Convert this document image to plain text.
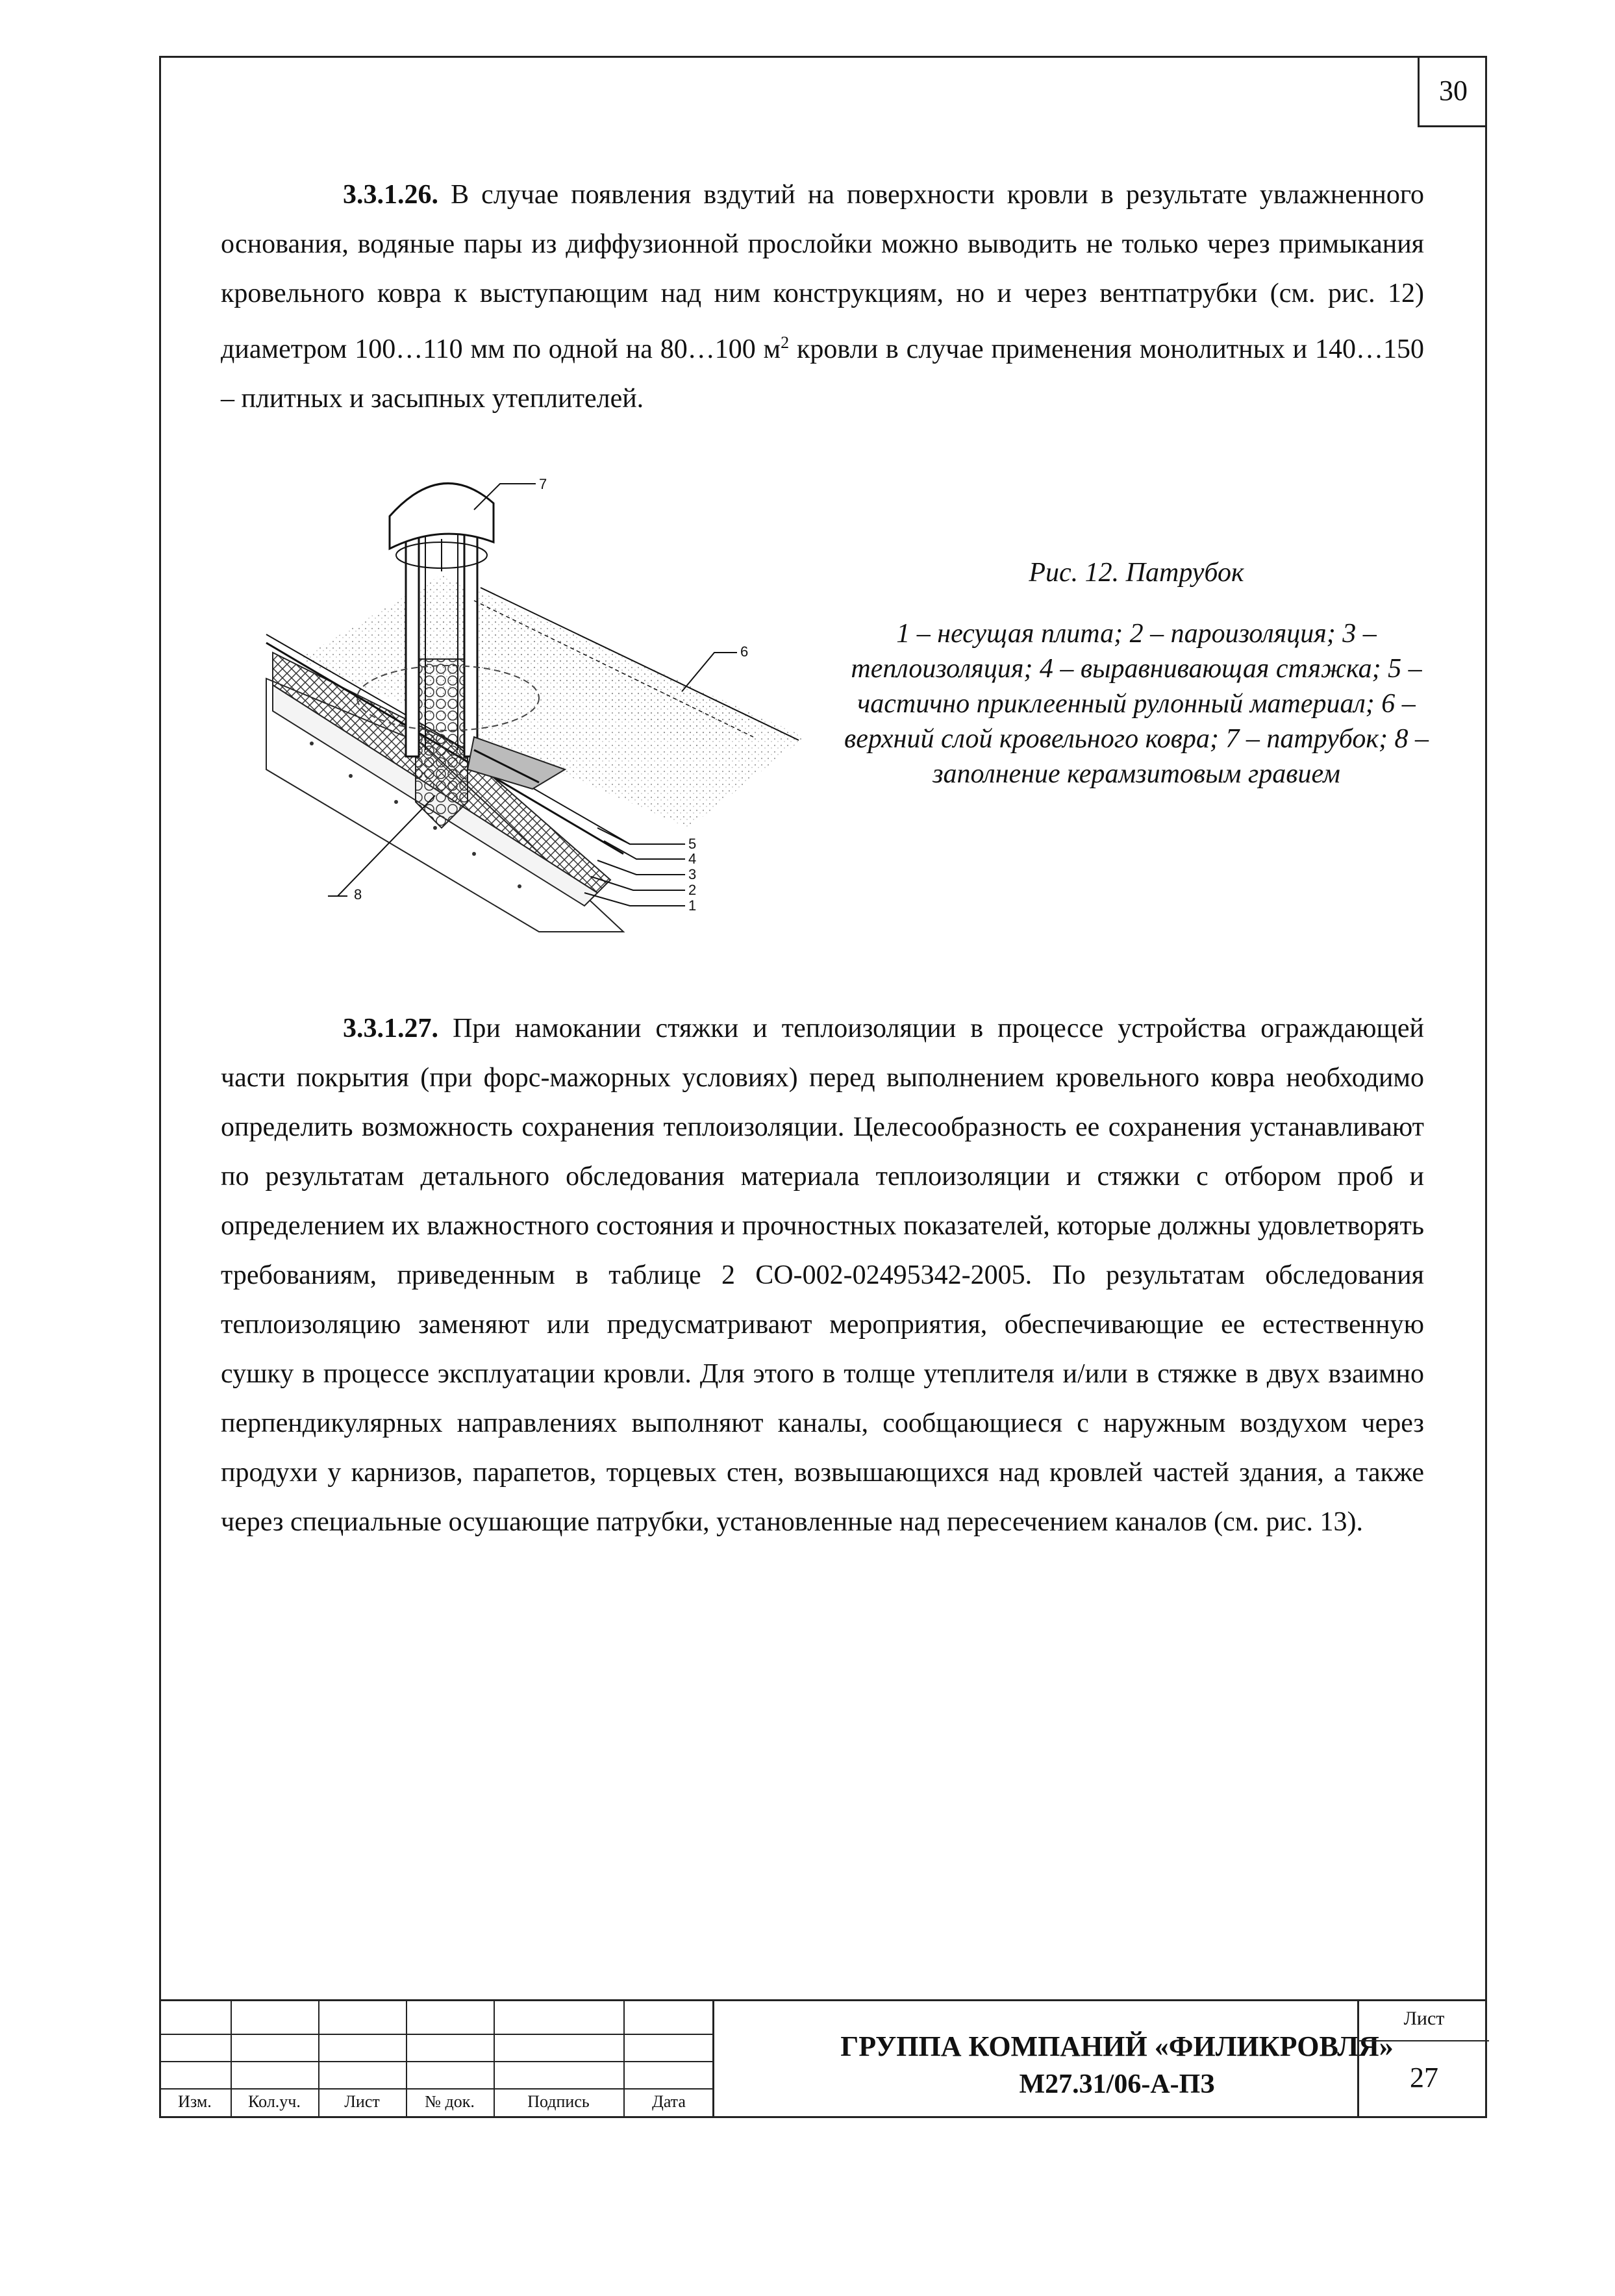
30

3.3.1.26. В случае появления вздутий на поверхности кровли в результате увлажненного основания, водяные пары из диффузионной прослойки можно выводить не только через примыкания кровельного ковра к выступающим над ним конструкциям, но и через вентпатрубки (см. рис. 12) диаметром 100…110 мм по одной на 80…100 $м^2$ кровли в случае применения монолитных и 140…150 – плитных и засыпных утеплителей.

7
6
5
4
3
2
1
8
Рис. 12. Патрубок
1 – несущая плита; 2 – пароизоляция; 3 – теплоизоляция; 4 – выравнивающая стяжка; 5 – частично приклеенный рулонный материал; 6 – верхний слой кровельного ковра; 7 – патрубок; 8 – заполнение керамзитовым гравием

3.3.1.27. При намокании стяжки и теплоизоляции в процессе устройства ограждающей части покрытия (при форс-мажорных условиях) перед выполнением кровельного ковра необходимо определить возможность сохранения теплоизоляции. Целесообразность ее сохранения устанавливают по результатам детального обследования материала теплоизоляции и стяжки с отбором проб и определением их влажностного состояния и прочностных показателей, которые должны удовлетворять требованиям, приведенным в таблице 2 СО-002-02495342-2005. По результатам обследования теплоизоляцию заменяют или предусматривают мероприятия, обеспечивающие ее естественную сушку в процессе эксплуатации кровли. Для этого в толще утеплителя и/или в стяжке в двух взаимно перпендикулярных направлениях выполняют каналы, сообщающиеся с наружным воздухом через продухи у карнизов, парапетов, торцевых стен, возвышающихся над кровлей частей здания, а также через специальные осушающие патрубки, установленные над пересечением каналов (см. рис. 13).

Изм.	Кол.уч.	Лист	№ док.	Подпись	Дата
ГРУППА КОМПАНИЙ «ФИЛИКРОВЛЯ»
М27.31/06-А-ПЗ
Лист
27
